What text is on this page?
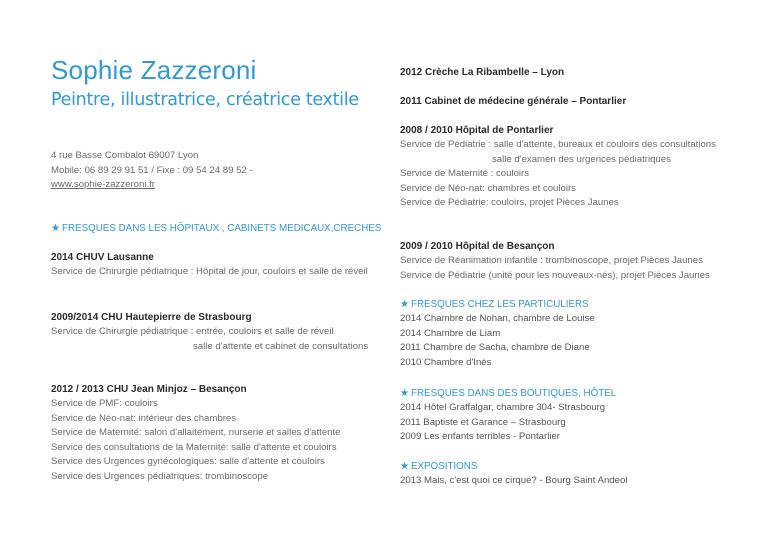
Sophie Zazzeroni
Peintre, illustratrice, créatrice textile
4 rue Basse Combalot 69007 Lyon
Mobile: 06 89 29 91 51 / Fixe : 09 54 24 89 52 -
www.sophie-zazzeroni.fr
★ FRESQUES DANS LES HÔPITAUX , CABINETS MEDICAUX,CRECHES
2014 CHUV Lausanne
Service de Chirurgie pédiatrique : Hôpital de jour, couloirs et salle de réveil
2009/2014 CHU Hautepierre de Strasbourg
Service de Chirurgie pédiatrique : entrée, couloirs et salle de réveil
salle d'attente et cabinet de consultations
2012 / 2013 CHU Jean Minjoz – Besançon
Service de PMF: couloirs
Service de Néo-nat: intérieur des chambres
Service de Maternité: salon d'allaitement, nurserie et salles d'attente
Service des consultations de la Maternité: salle d'attente et couloirs
Service des Urgences gynécologiques: salle d'attente et couloirs
Service des Urgences pédiatriques: trombinoscope
2012 Crèche La Ribambelle – Lyon
2011 Cabinet de médecine générale – Pontarlier
2008 / 2010 Hôpital de Pontarlier
Service de Pédiatrie : salle d'attente, bureaux et couloirs des consultations
salle d'examen des urgences pédiatriques
Service de Maternité : couloirs
Service de Néo-nat: chambres et couloirs
Service de Pédiatrie: couloirs, projet Pièces Jaunes
2009 / 2010 Hôpital de Besançon
Service de Réanimation infantile : trombinoscope, projet Pièces Jaunes
Service de Pédiatrie (unité pour les nouveaux-nés), projet Pièces Jaunes
★ FRESQUES CHEZ LES PARTICULIERS
2014 Chambre de Nohan, chambre de Louise
2014 Chambre de Liam
2011 Chambre de Sacha, chambre de Diane
2010 Chambre d'Inès
★ FRESQUES DANS DES BOUTIQUES, HÔTEL
2014 Hôtel Graffalgar, chambre 304- Strasbourg
2011 Baptiste et Garance – Strasbourg
2009 Les enfants terribles - Pontarlier
★ EXPOSITIONS
2013 Mais, c'est quoi ce cirque? - Bourg Saint Andeol
